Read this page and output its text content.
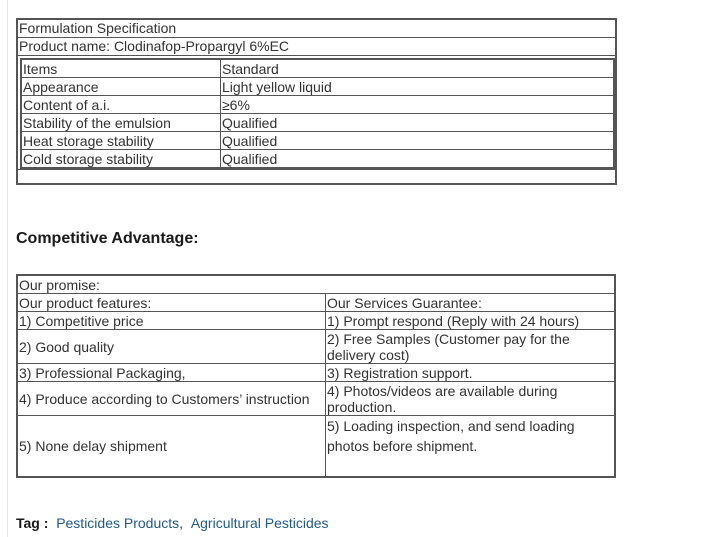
Formulation Specification
Product name: Clodinafop-Propargyl 6%EC
Items	Standard
Appearance	Light yellow liquid
Content of a.i.	≥6%
Stability of the emulsion	Qualified
Heat storage stability	Qualified
Cold storage stability	Qualified
Competitive Advantage:
Our promise:	
Our product features:	Our Services Guarantee:
1) Competitive price	1) Prompt respond (Reply with 24 hours)
2) Good quality	2) Free Samples (Customer pay for the delivery cost)
3) Professional Packaging,	3) Registration support.
4) Produce according to Customers’ instruction	4) Photos/videos are available during production.
5) None delay shipment	5) Loading inspection, and send loading photos before shipment.
Tag : Pesticides Products, Agricultural Pesticides
